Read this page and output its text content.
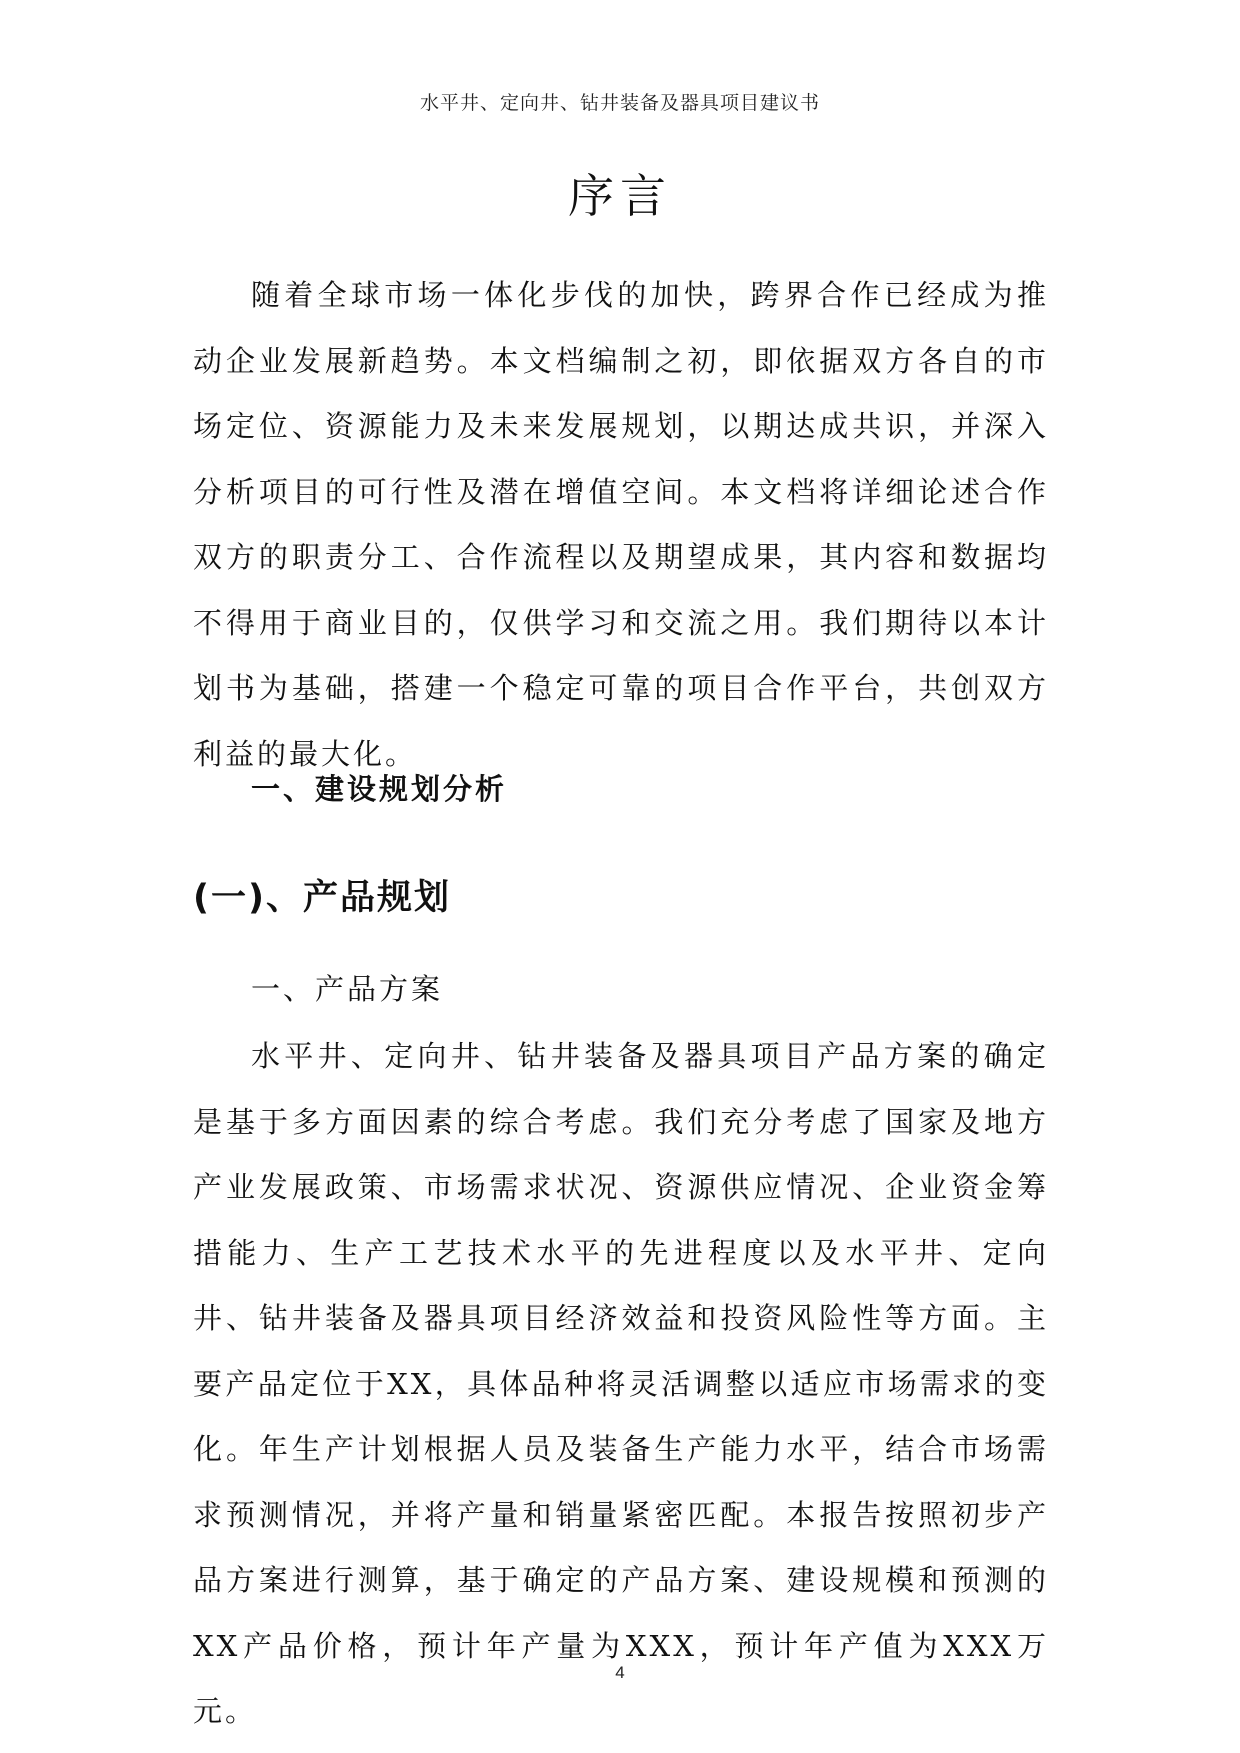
水平井、定向井、钻井装备及器具项目建议书
序言

随着全球市场一体化步伐的加快，跨界合作已经成为推动企业发展新趋势。本文档编制之初，即依据双方各自的市场定位、资源能力及未来发展规划，以期达成共识，并深入分析项目的可行性及潜在增值空间。本文档将详细论述合作双方的职责分工、合作流程以及期望成果，其内容和数据均不得用于商业目的，仅供学习和交流之用。我们期待以本计划书为基础，搭建一个稳定可靠的项目合作平台，共创双方利益的最大化。

一、建设规划分析
(一)、产品规划
一、产品方案

水平井、定向井、钻井装备及器具项目产品方案的确定是基于多方面因素的综合考虑。我们充分考虑了国家及地方产业发展政策、市场需求状况、资源供应情况、企业资金筹措能力、生产工艺技术水平的先进程度以及水平井、定向井、钻井装备及器具项目经济效益和投资风险性等方面。主要产品定位于XX，具体品种将灵活调整以适应市场需求的变化。年生产计划根据人员及装备生产能力水平，结合市场需求预测情况，并将产量和销量紧密匹配。本报告按照初步产品方案进行测算，基于确定的产品方案、建设规模和预测的XX产品价格，预计年产量为XXX，预计年产值为XXX万元。

4
